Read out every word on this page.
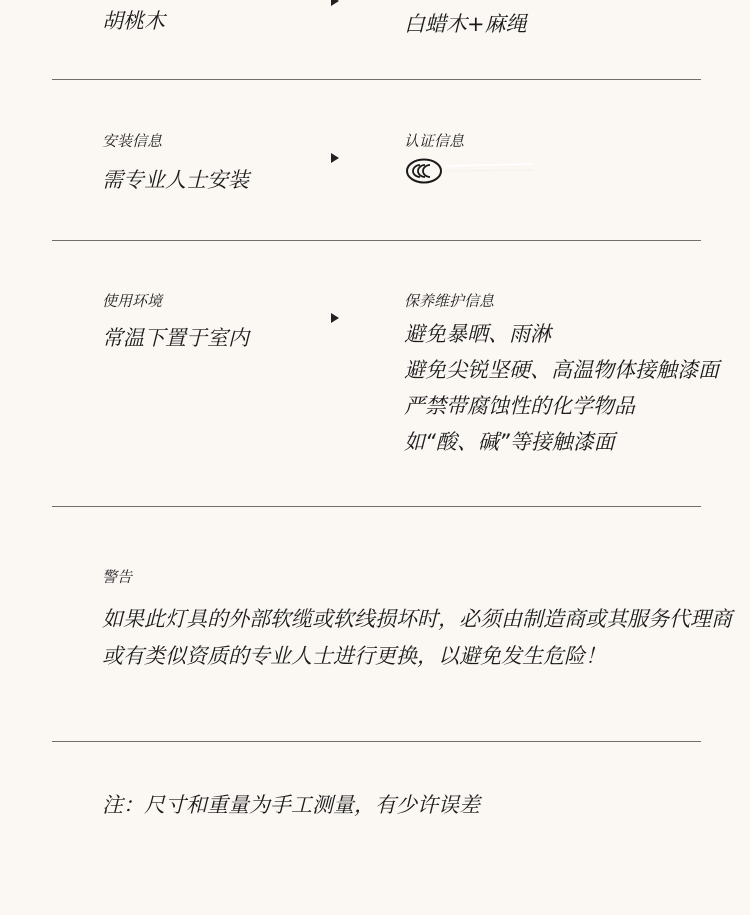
胡桃木	白蜡木+麻绳
安装信息
需专业人士安装
认证信息
使用环境
常温下置于室内
保养维护信息
避免暴晒、雨淋
避免尖锐坚硬、高温物体接触漆面
严禁带腐蚀性的化学物品
如“酸、碱”等接触漆面
警告
如果此灯具的外部软缆或软线损坏时，必须由制造商或其服务代理商
或有类似资质的专业人士进行更换，以避免发生危险！
注：尺寸和重量为手工测量，有少许误差
